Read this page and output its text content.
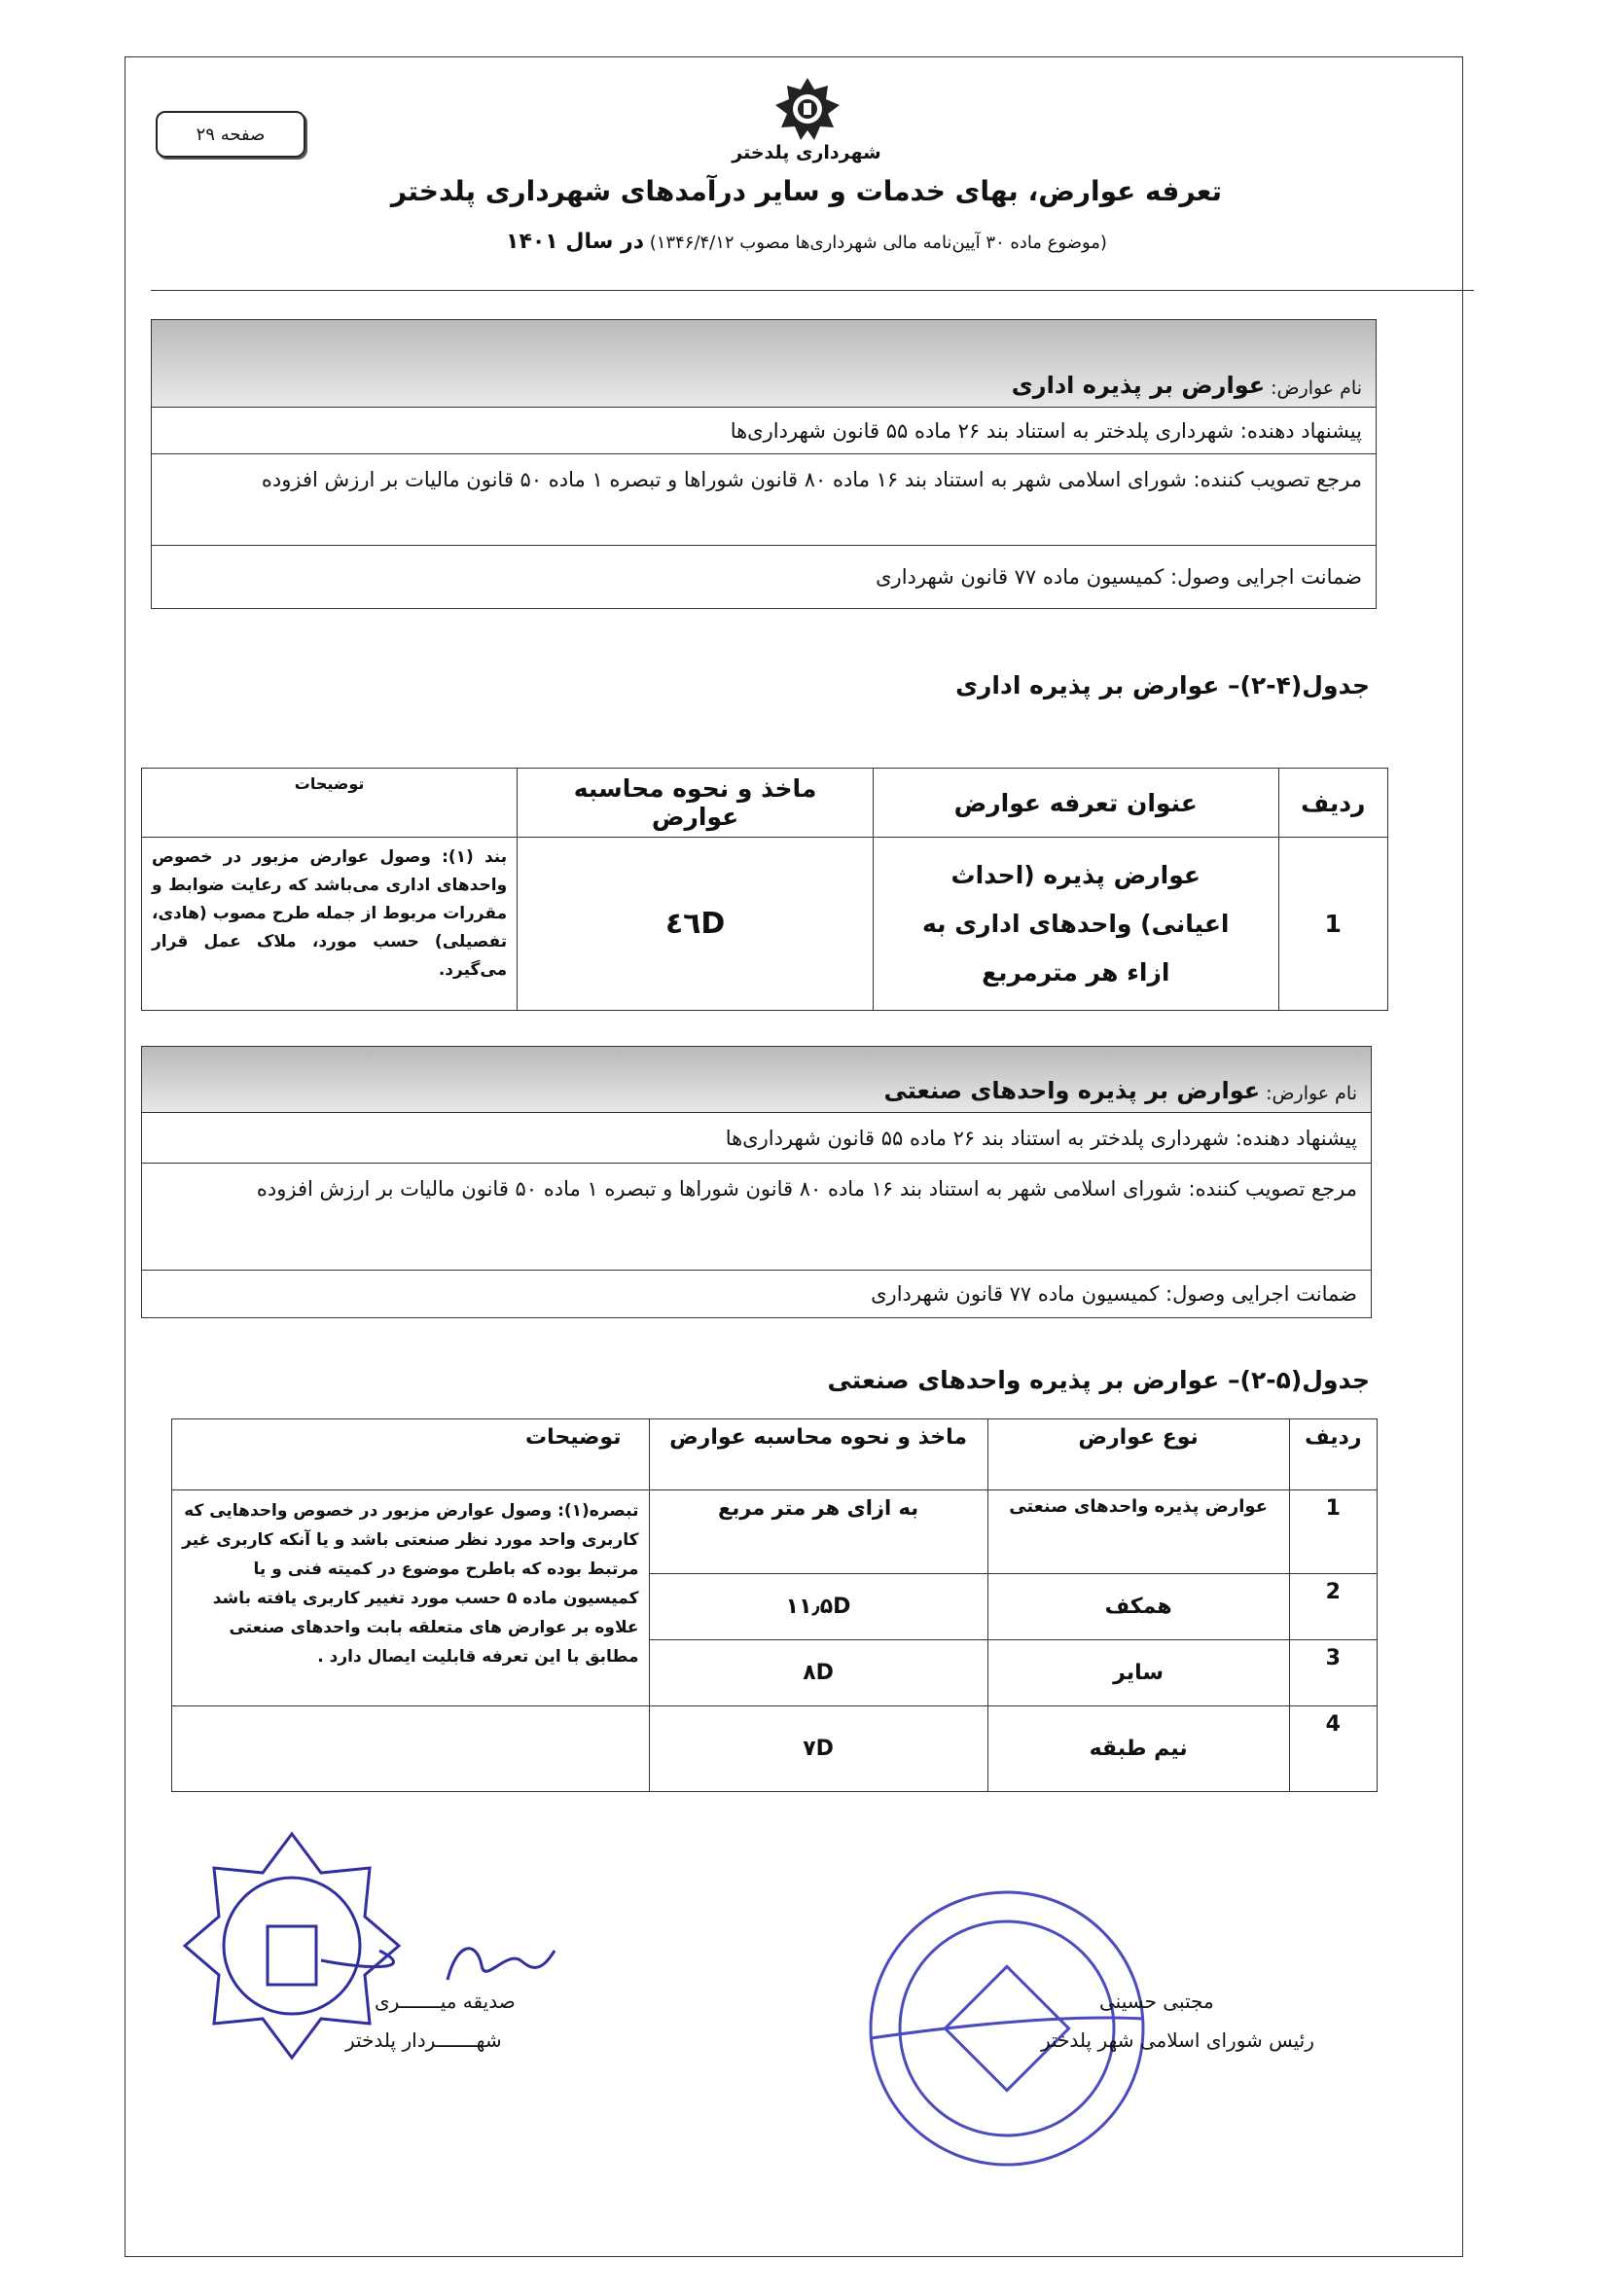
صفحه ۲۹
شهرداری پلدختر
تعرفه عوارض، بهای خدمات و سایر درآمدهای شهرداری پلدختر
(موضوع ماده ۳۰ آیین‌نامه مالی شهرداری‌ها مصوب ۱۳۴۶/۴/۱۲) در سال ۱۴۰۱
نام عوارض:
عوارض بر پذیره اداری
پیشنهاد دهنده: شهرداری پلدختر به استناد بند ۲۶ ماده ۵۵ قانون شهرداری‌ها
مرجع تصویب کننده: شورای اسلامی شهر به استناد بند ۱۶ ماده ۸۰ قانون شوراها و تبصره ۱ ماده ۵۰ قانون مالیات بر ارزش افزوده
ضمانت اجرایی وصول: کمیسیون ماده ۷۷ قانون شهرداری
جدول(۴-۲)– عوارض بر پذیره اداری
ردیف	عنوان تعرفه عوارض	ماخذ و نحوه محاسبه عوارض	توضیحات
1	عوارض پذیره (احداث اعیانی) واحدهای اداری به ازاء هر مترمربع	٤٦D	بند (۱): وصول عوارض مزبور در خصوص واحدهای اداری می‌باشد که رعایت ضوابط و مقررات مربوط از جمله طرح مصوب (هادی، تفصیلی) حسب مورد، ملاک عمل قرار می‌گیرد.
نام عوارض:
عوارض بر پذیره واحدهای صنعتی
پیشنهاد دهنده: شهرداری پلدختر به استناد بند ۲۶ ماده ۵۵ قانون شهرداری‌ها
مرجع تصویب کننده: شورای اسلامی شهر به استناد بند ۱۶ ماده ۸۰ قانون شوراها و تبصره ۱ ماده ۵۰ قانون مالیات بر ارزش افزوده
ضمانت اجرایی وصول: کمیسیون ماده ۷۷ قانون شهرداری
جدول(۵-۲)– عوارض بر پذیره واحدهای صنعتی
ردیف	نوع عوارض	ماخذ و نحوه محاسبه عوارض	توضیحات
1	عوارض پذیره واحدهای صنعتی	به ازای هر متر مربع	تبصره(۱): وصول عوارض مزبور در خصوص واحدهایی که کاربری واحد مورد نظر صنعتی باشد و یا آنکه کاربری غیر مرتبط بوده که باطرح موضوع در کمیته فنی و یا کمیسیون ماده ۵ حسب مورد تغییر کاربری یافته باشد علاوه بر عوارض های متعلقه بابت واحدهای صنعتی مطابق با این تعرفه قابلیت ایصال دارد .
2	همکف	۱۱٫۵D	
3	سایر	۸D	
4	نیم طبقه	۷D	
صدیقه میـــــــری
شهـــــــردار پلدختر
مجتبی حسینی
رئیس شورای اسلامی شهر پلدختر
